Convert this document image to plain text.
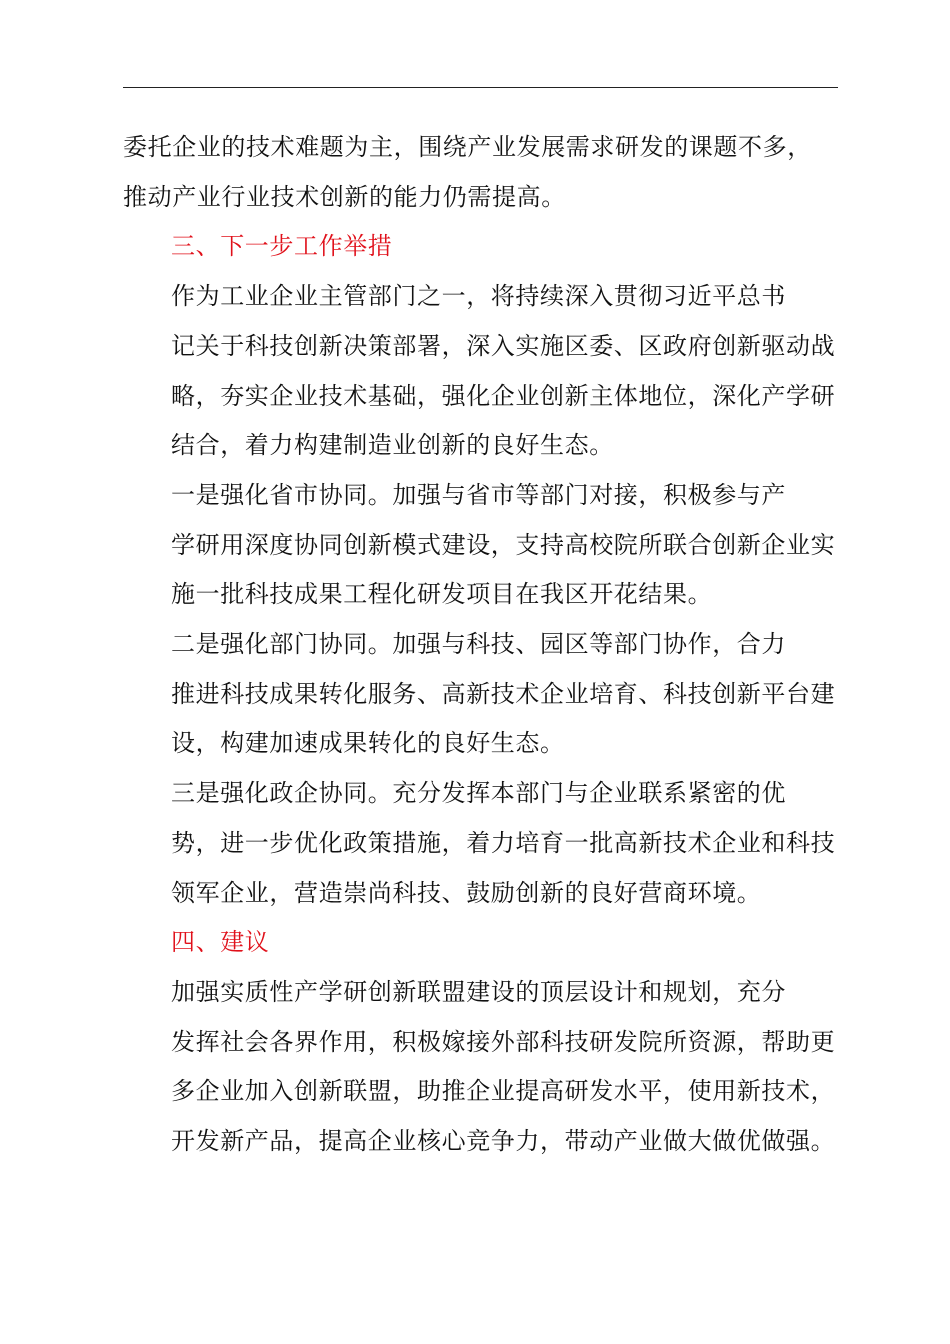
委托企业的技术难题为主，围绕产业发展需求研发的课题不多，
推动产业行业技术创新的能力仍需提高。

三、下一步工作举措

作为工业企业主管部门之一，将持续深入贯彻习近平总书
记关于科技创新决策部署，深入实施区委、区政府创新驱动战
略，夯实企业技术基础，强化企业创新主体地位，深化产学研
结合，着力构建制造业创新的良好生态。

一是强化省市协同。加强与省市等部门对接，积极参与产
学研用深度协同创新模式建设，支持高校院所联合创新企业实
施一批科技成果工程化研发项目在我区开花结果。

二是强化部门协同。加强与科技、园区等部门协作，合力
推进科技成果转化服务、高新技术企业培育、科技创新平台建
设，构建加速成果转化的良好生态。

三是强化政企协同。充分发挥本部门与企业联系紧密的优
势，进一步优化政策措施，着力培育一批高新技术企业和科技
领军企业，营造崇尚科技、鼓励创新的良好营商环境。

四、建议

加强实质性产学研创新联盟建设的顶层设计和规划，充分
发挥社会各界作用，积极嫁接外部科技研发院所资源，帮助更
多企业加入创新联盟，助推企业提高研发水平，使用新技术，
开发新产品，提高企业核心竞争力，带动产业做大做优做强。
